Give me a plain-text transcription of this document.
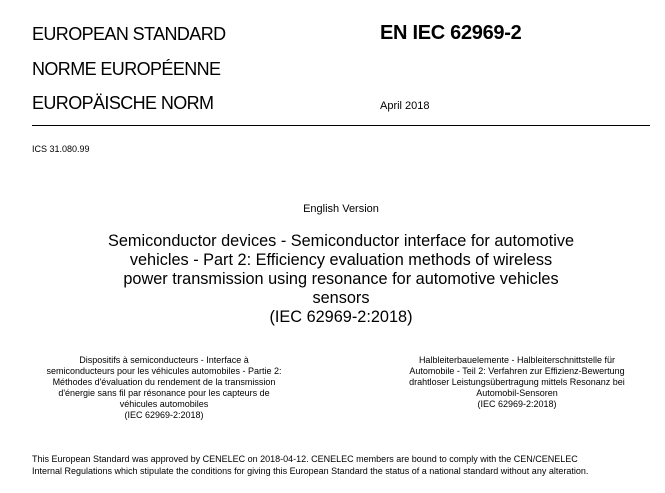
EUROPEAN STANDARD
NORME EUROPÉENNE
EUROPÄISCHE NORM
EN IEC 62969-2
April 2018
ICS 31.080.99
English Version
Semiconductor devices - Semiconductor interface for automotive
vehicles - Part 2: Efficiency evaluation methods of wireless
power transmission using resonance for automotive vehicles
sensors
(IEC 62969-2:2018)
Dispositifs à semiconducteurs - Interface à
semiconducteurs pour les véhicules automobiles - Partie 2:
Méthodes d'évaluation du rendement de la transmission
d'énergie sans fil par résonance pour les capteurs de
véhicules automobiles
(IEC 62969-2:2018)
Halbleiterbauelemente - Halbleiterschnittstelle für
Automobile - Teil 2: Verfahren zur Effizienz-Bewertung
drahtloser Leistungsübertragung mittels Resonanz bei
Automobil-Sensoren
(IEC 62969-2:2018)
This European Standard was approved by CENELEC on 2018-04-12. CENELEC members are bound to comply with the CEN/CENELEC
Internal Regulations which stipulate the conditions for giving this European Standard the status of a national standard without any alteration.
